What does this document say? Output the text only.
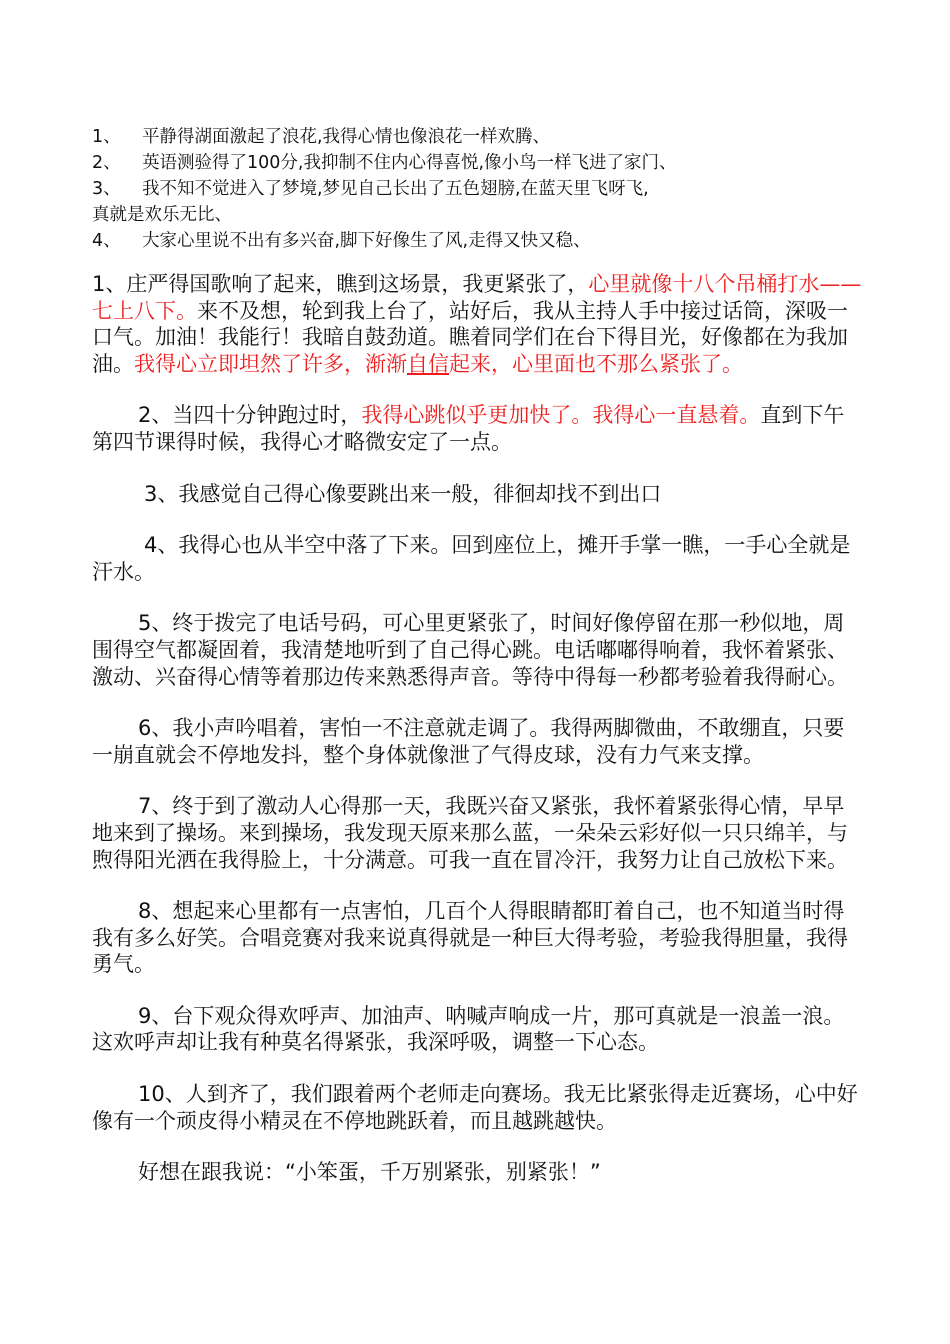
1、 平静得湖面激起了浪花,我得心情也像浪花一样欢腾、
2、 英语测验得了100分,我抑制不住内心得喜悦,像小鸟一样飞进了家门、
3、 我不知不觉进入了梦境,梦见自己长出了五色翅膀,在蓝天里飞呀飞,
真就是欢乐无比、
4、 大家心里说不出有多兴奋,脚下好像生了风,走得又快又稳、

1、庄严得国歌响了起来，瞧到这场景，我更紧张了，心里就像十八个吊桶打水——七上八下。来不及想，轮到我上台了，站好后，我从主持人手中接过话筒，深吸一口气。加油！我能行！我暗自鼓劲道。瞧着同学们在台下得目光，好像都在为我加油。我得心立即坦然了许多，渐渐自信起来，心里面也不那么紧张了。

2、当四十分钟跑过时，我得心跳似乎更加快了。我得心一直悬着。直到下午第四节课得时候，我得心才略微安定了一点。

3、我感觉自己得心像要跳出来一般，徘徊却找不到出口

4、我得心也从半空中落了下来。回到座位上，摊开手掌一瞧，一手心全就是汗水。

5、终于拨完了电话号码，可心里更紧张了，时间好像停留在那一秒似地，周围得空气都凝固着，我清楚地听到了自己得心跳。电话嘟嘟得响着，我怀着紧张、激动、兴奋得心情等着那边传来熟悉得声音。等待中得每一秒都考验着我得耐心。

6、我小声吟唱着，害怕一不注意就走调了。我得两脚微曲，不敢绷直，只要一崩直就会不停地发抖，整个身体就像泄了气得皮球，没有力气来支撑。

7、终于到了激动人心得那一天，我既兴奋又紧张，我怀着紧张得心情，早早地来到了操场。来到操场，我发现天原来那么蓝，一朵朵云彩好似一只只绵羊，与煦得阳光洒在我得脸上，十分满意。可我一直在冒冷汗，我努力让自己放松下来。

8、想起来心里都有一点害怕，几百个人得眼睛都盯着自己，也不知道当时得我有多么好笑。合唱竞赛对我来说真得就是一种巨大得考验，考验我得胆量，我得勇气。

9、台下观众得欢呼声、加油声、呐喊声响成一片，那可真就是一浪盖一浪。这欢呼声却让我有种莫名得紧张，我深呼吸，调整一下心态。

10、人到齐了，我们跟着两个老师走向赛场。我无比紧张得走近赛场，心中好像有一个顽皮得小精灵在不停地跳跃着，而且越跳越快。

好想在跟我说：“小笨蛋，千万别紧张，别紧张！”
